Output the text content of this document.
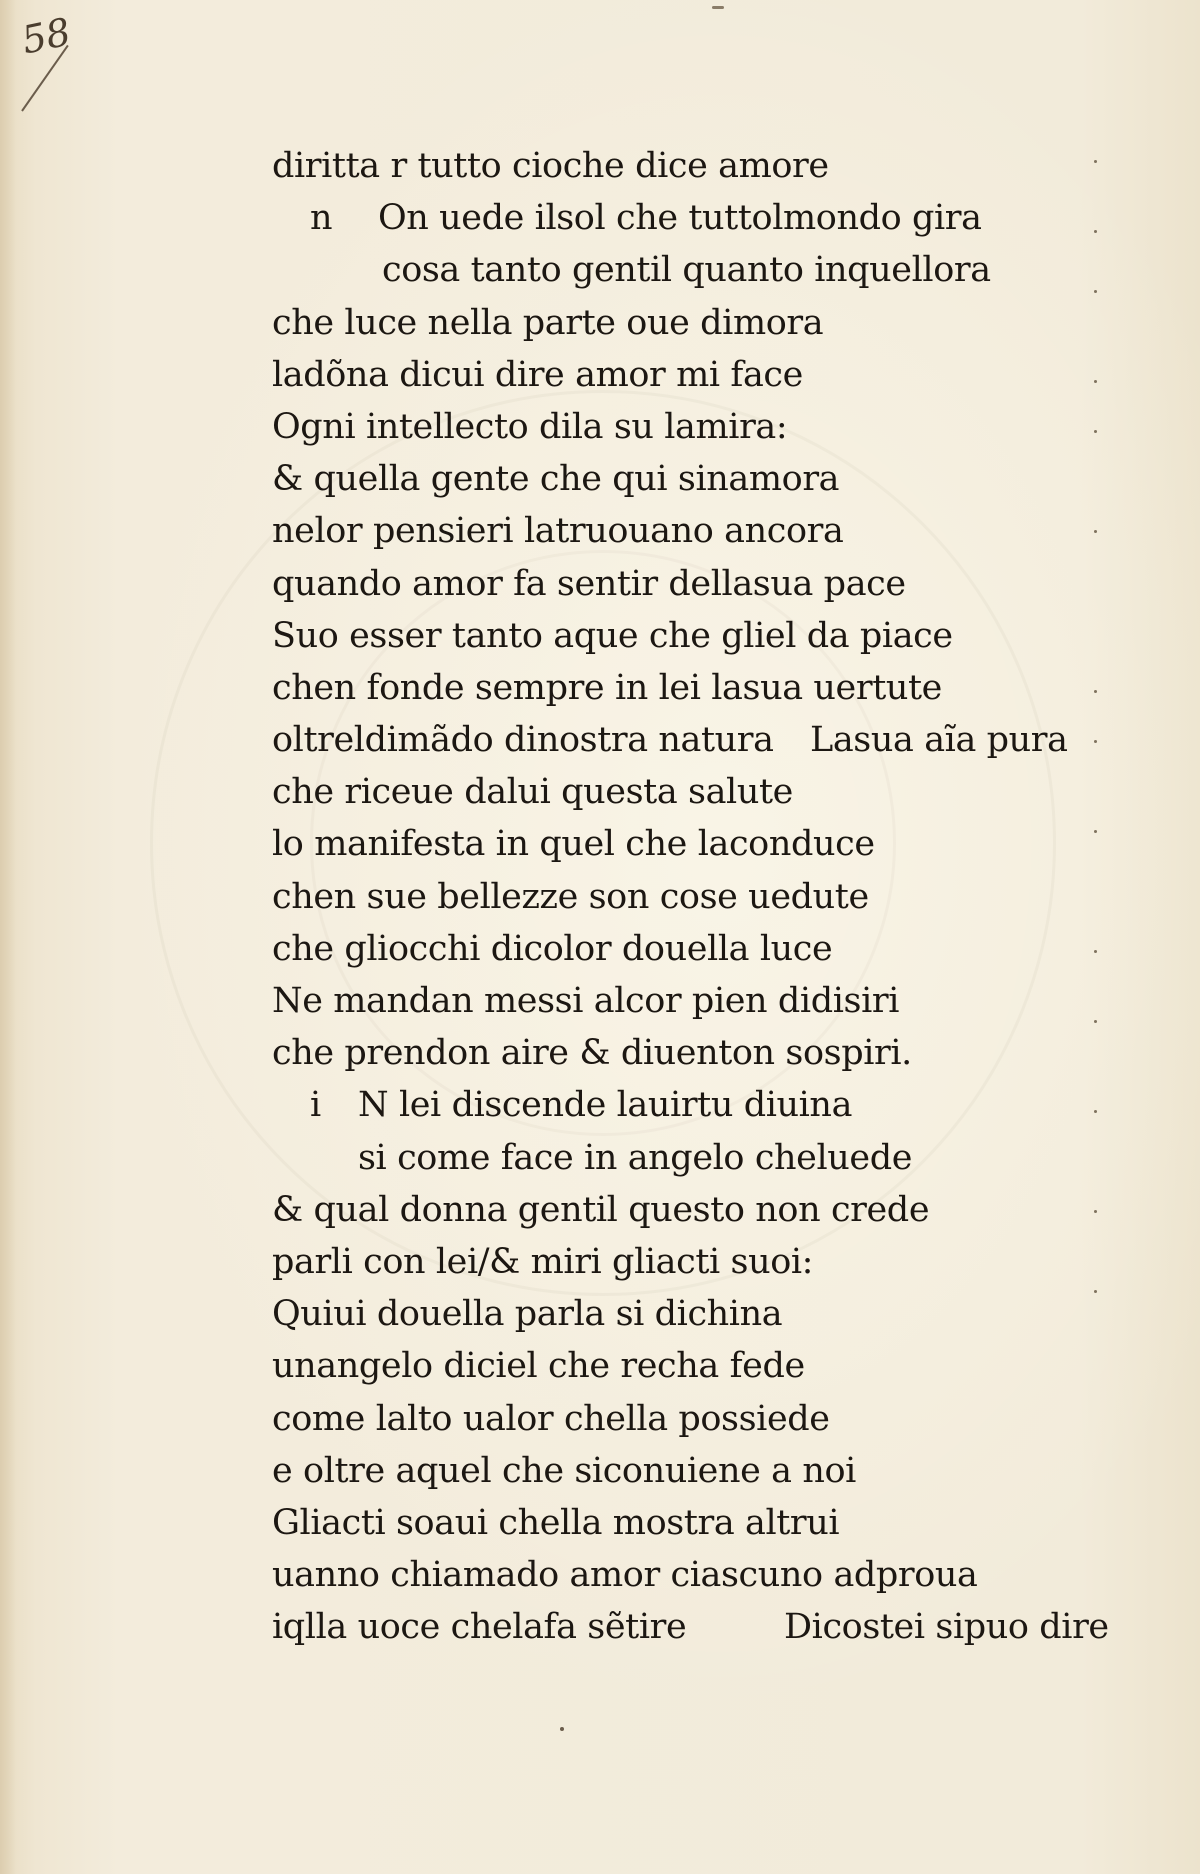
58
diritta r tutto cioche dice amore
n On uede ilsol che tuttolmondo gira
cosa tanto gentil quanto inquellora
che luce nella parte oue dimora
ladõna dicui dire amor mi face
Ogni intellecto dila su lamira:
& quella gente che qui sinamora
nelor pensieri latruouano ancora
quando amor fa sentir dellasua pace
Suo esser tanto aque che gliel da piace
chen fonde sempre in lei lasua uertute
oltreldimãdo dinostra natura Lasua aĩa pura
che riceue dalui questa salute
lo manifesta in quel che laconduce
chen sue bellezze son cose uedute
che gliocchi dicolor douella luce
Ne mandan messi alcor pien didisiri
che prendon aire & diuenton sospiri.
i N lei discende lauirtu diuina
si come face in angelo cheluede
& qual donna gentil questo non crede
parli con lei/& miri gliacti suoi:
Quiui douella parla si dichina
unangelo diciel che recha fede
come lalto ualor chella possiede
e oltre aquel che siconuiene a noi
Gliacti soaui chella mostra altrui
uanno chiamado amor ciascuno adproua
iqlla uoce chelafa sẽtire	Dicostei sipuo dire
